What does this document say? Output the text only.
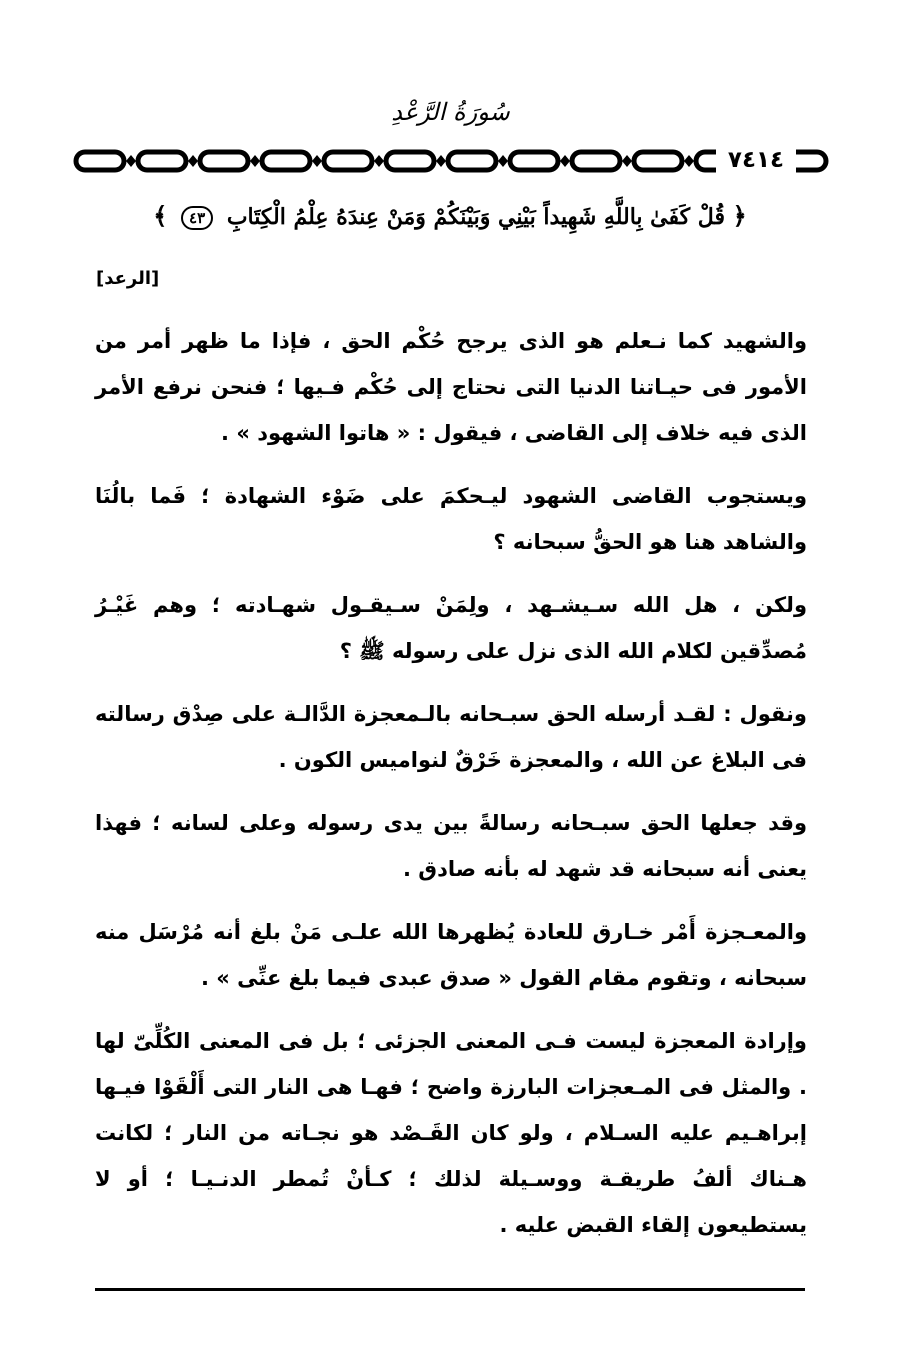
سُورَةُ الرَّعْدِ
٧٤١٤
﴿ قُلْ كَفَىٰ بِاللَّهِ شَهِيداً بَيْنِي وَبَيْنَكُمْ وَمَنْ عِندَهُ عِلْمُ الْكِتَابِ ٤٣ ﴾
[الرعد]

والشهيد كما نـعلم هو الذى يرجح حُكْم الحق ، فإذا ما ظهر أمر من الأمور فى حيـاتنا الدنيا التى نحتاج إلى حُكْم فـيها ؛ فنحن نرفع الأمر الذى فيه خلاف إلى القاضى ، فيقول : « هاتوا الشهود » .

ويستجوب القاضى الشهود ليـحكمَ على ضَوْء الشهادة ؛ فَما بالُنَا والشاهد هنا هو الحقُّ سبحانه ؟

ولكن ، هل الله سـيشـهد ، ولِمَنْ سـيقـول شهـادته ؛ وهم غَيْـرُ مُصدِّقين لكلام الله الذى نزل على رسوله ﷺ ؟

ونقول : لقـد أرسله الحق سبـحانه بالـمعجزة الدَّالـة على صِدْق رسالته فى البلاغ عن الله ، والمعجزة خَرْقٌ لنواميس الكون .

وقد جعلها الحق سبـحانه رسالةً بين يدى رسوله وعلى لسانه ؛ فهذا يعنى أنه سبحانه قد شهد له بأنه صادق .

والمعـجزة أَمْر خـارق للعادة يُظهرها الله علـى مَنْ بلغ أنه مُرْسَل منه سبحانه ، وتقوم مقام القول « صدق عبدى فيما بلغ عنِّى » .

وإرادة المعجزة ليست فـى المعنى الجزئى ؛ بل فى المعنى الكُلِّىّ لها . والمثل فى المـعجزات البارزة واضح ؛ فهـا هى النار التى أَلْقَوْا فيـها إبراهـيم عليه السـلام ، ولو كان القَـصْد هو نجـاته من النار ؛ لكانت هـناك ألفُ طريقـة ووسـيلة لذلك ؛ كـأنْ تُمطر الدنـيـا ؛ أو لا يستطيعون إلقاء القبض عليه .
